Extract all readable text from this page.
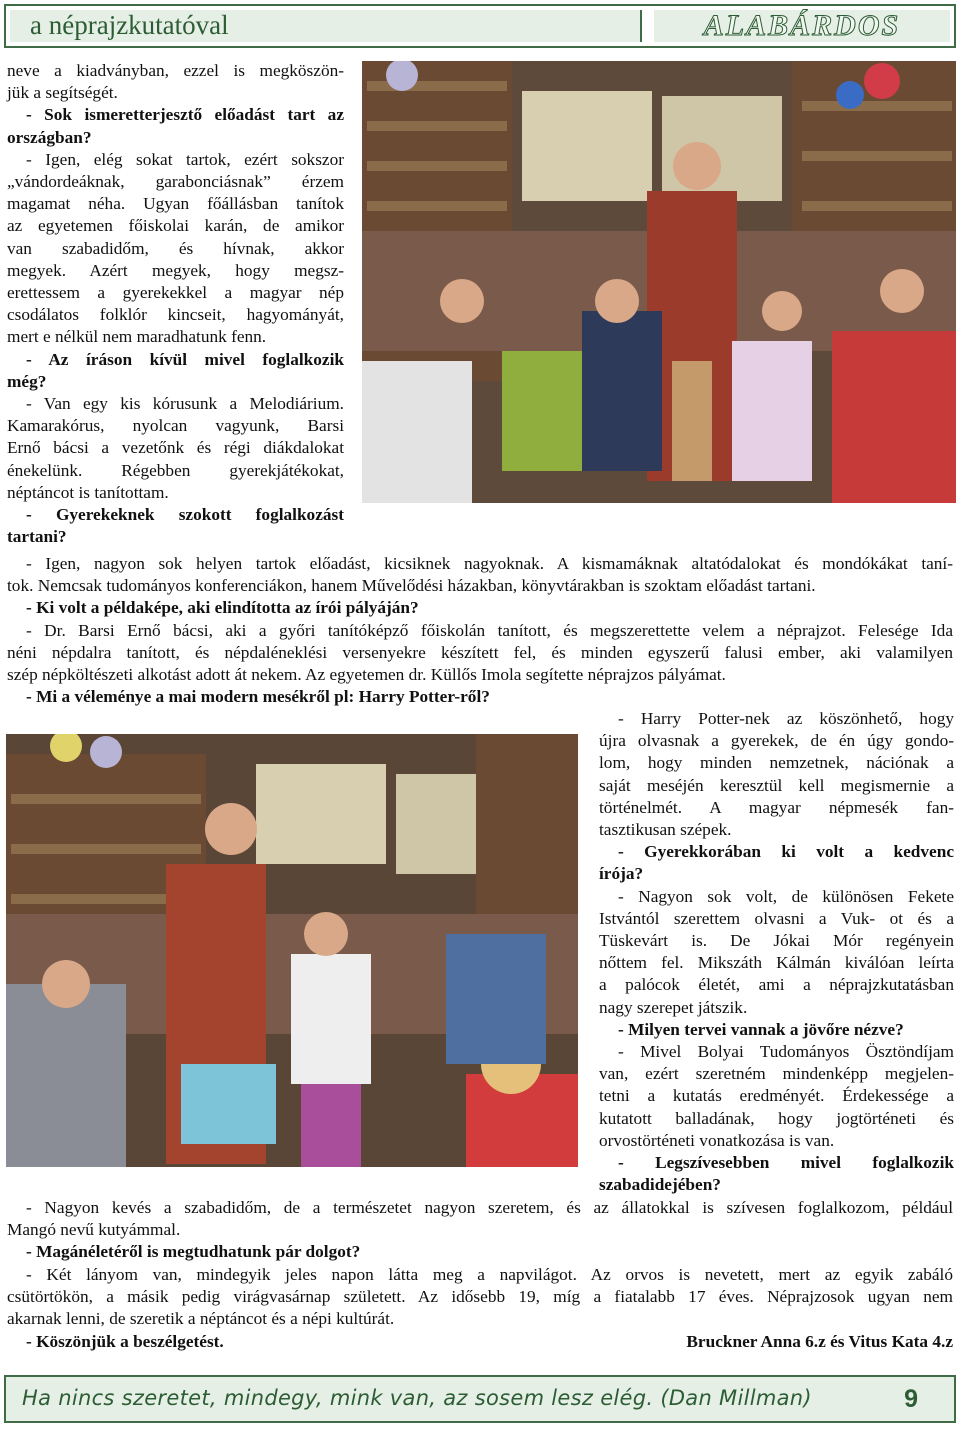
a néprajzkutatóval	ALABÁRDOS

neve a kiadványban, ezzel is megköszön-

jük a segítségét.

- Sok ismeretterjesztő előadást tart az

országban?

- Igen, elég sokat tartok, ezért sokszor

„vándordeáknak, garabonciásnak” érzem

magamat néha. Ugyan főállásban tanítok

az egyetemen főiskolai karán, de amikor

van szabadidőm, és hívnak, akkor

megyek. Azért megyek, hogy megsz-

erettessem a gyerekekkel a magyar nép

csodálatos folklór kincseit, hagyományát,

mert e nélkül nem maradhatunk fenn.

- Az íráson kívül mivel foglalkozik

még?

- Van egy kis kórusunk a Melodiárium.

Kamarakórus, nyolcan vagyunk, Barsi

Ernő bácsi a vezetőnk és régi diákdalokat

énekelünk. Régebben gyerekjátékokat,

néptáncot is tanítottam.

- Gyerekeknek szokott foglalkozást

tartani?

- Igen, nagyon sok helyen tartok előadást, kicsiknek nagyoknak. A kismamáknak altatódalokat és mondókákat taní-

tok. Nemcsak tudományos konferenciákon, hanem Művelődési házakban, könyvtárakban is szoktam előadást tartani.

- Ki volt a példaképe, aki elindította az írói pályáján?

- Dr. Barsi Ernő bácsi, aki a győri tanítóképző főiskolán tanított, és megszerettette velem a néprajzot. Felesége Ida

néni népdalra tanított, és népdaléneklési versenyekre készített fel, és minden egyszerű falusi ember, aki valamilyen

szép népköltészeti alkotást adott át nekem. Az egyetemen dr. Küllős Imola segítette néprajzos pályámat.

- Mi a véleménye a mai modern mesékről pl: Harry Potter-ről?

- Harry Potter-nek az köszönhető, hogy

újra olvasnak a gyerekek, de én úgy gondo-

lom, hogy minden nemzetnek, nációnak a

saját meséjén keresztül kell megismernie a

történelmét. A magyar népmesék fan-

tasztikusan szépek.

- Gyerekkorában ki volt a kedvenc

írója?

- Nagyon sok volt, de különösen Fekete

Istvántól szerettem olvasni a Vuk- ot és a

Tüskevárt is. De Jókai Mór regényein

nőttem fel. Mikszáth Kálmán kiválóan leírta

a palócok életét, ami a néprajzkutatásban

nagy szerepet játszik.

- Milyen tervei vannak a jövőre nézve?

- Mivel Bolyai Tudományos Ösztöndíjam

van, ezért szeretném mindenképp megjelen-

tetni a kutatás eredményét. Érdekessége a

kutatott balladának, hogy jogtörténeti és

orvostörténeti vonatkozása is van.

- Legszívesebben mivel foglalkozik

szabadidejében?

- Nagyon kevés a szabadidőm, de a természetet nagyon szeretem, és az állatokkal is szívesen foglalkozom, például

Mangó nevű kutyámmal.

- Magánéletéről is megtudhatunk pár dolgot?

- Két lányom van, mindegyik jeles napon látta meg a napvilágot. Az orvos is nevetett, mert az egyik zabáló

csütörtökön, a másik pedig virágvasárnap született. Az idősebb 19, míg a fiatalabb 17 éves. Néprajzosok ugyan nem

akarnak lenni, de szeretik a néptáncot és a népi kultúrát.

- Köszönjük a beszélgetést.	Bruckner Anna 6.z és Vitus Kata 4.z
Ha nincs szeretet, mindegy, mink van, az sosem lesz elég. (Dan Millman)	9
